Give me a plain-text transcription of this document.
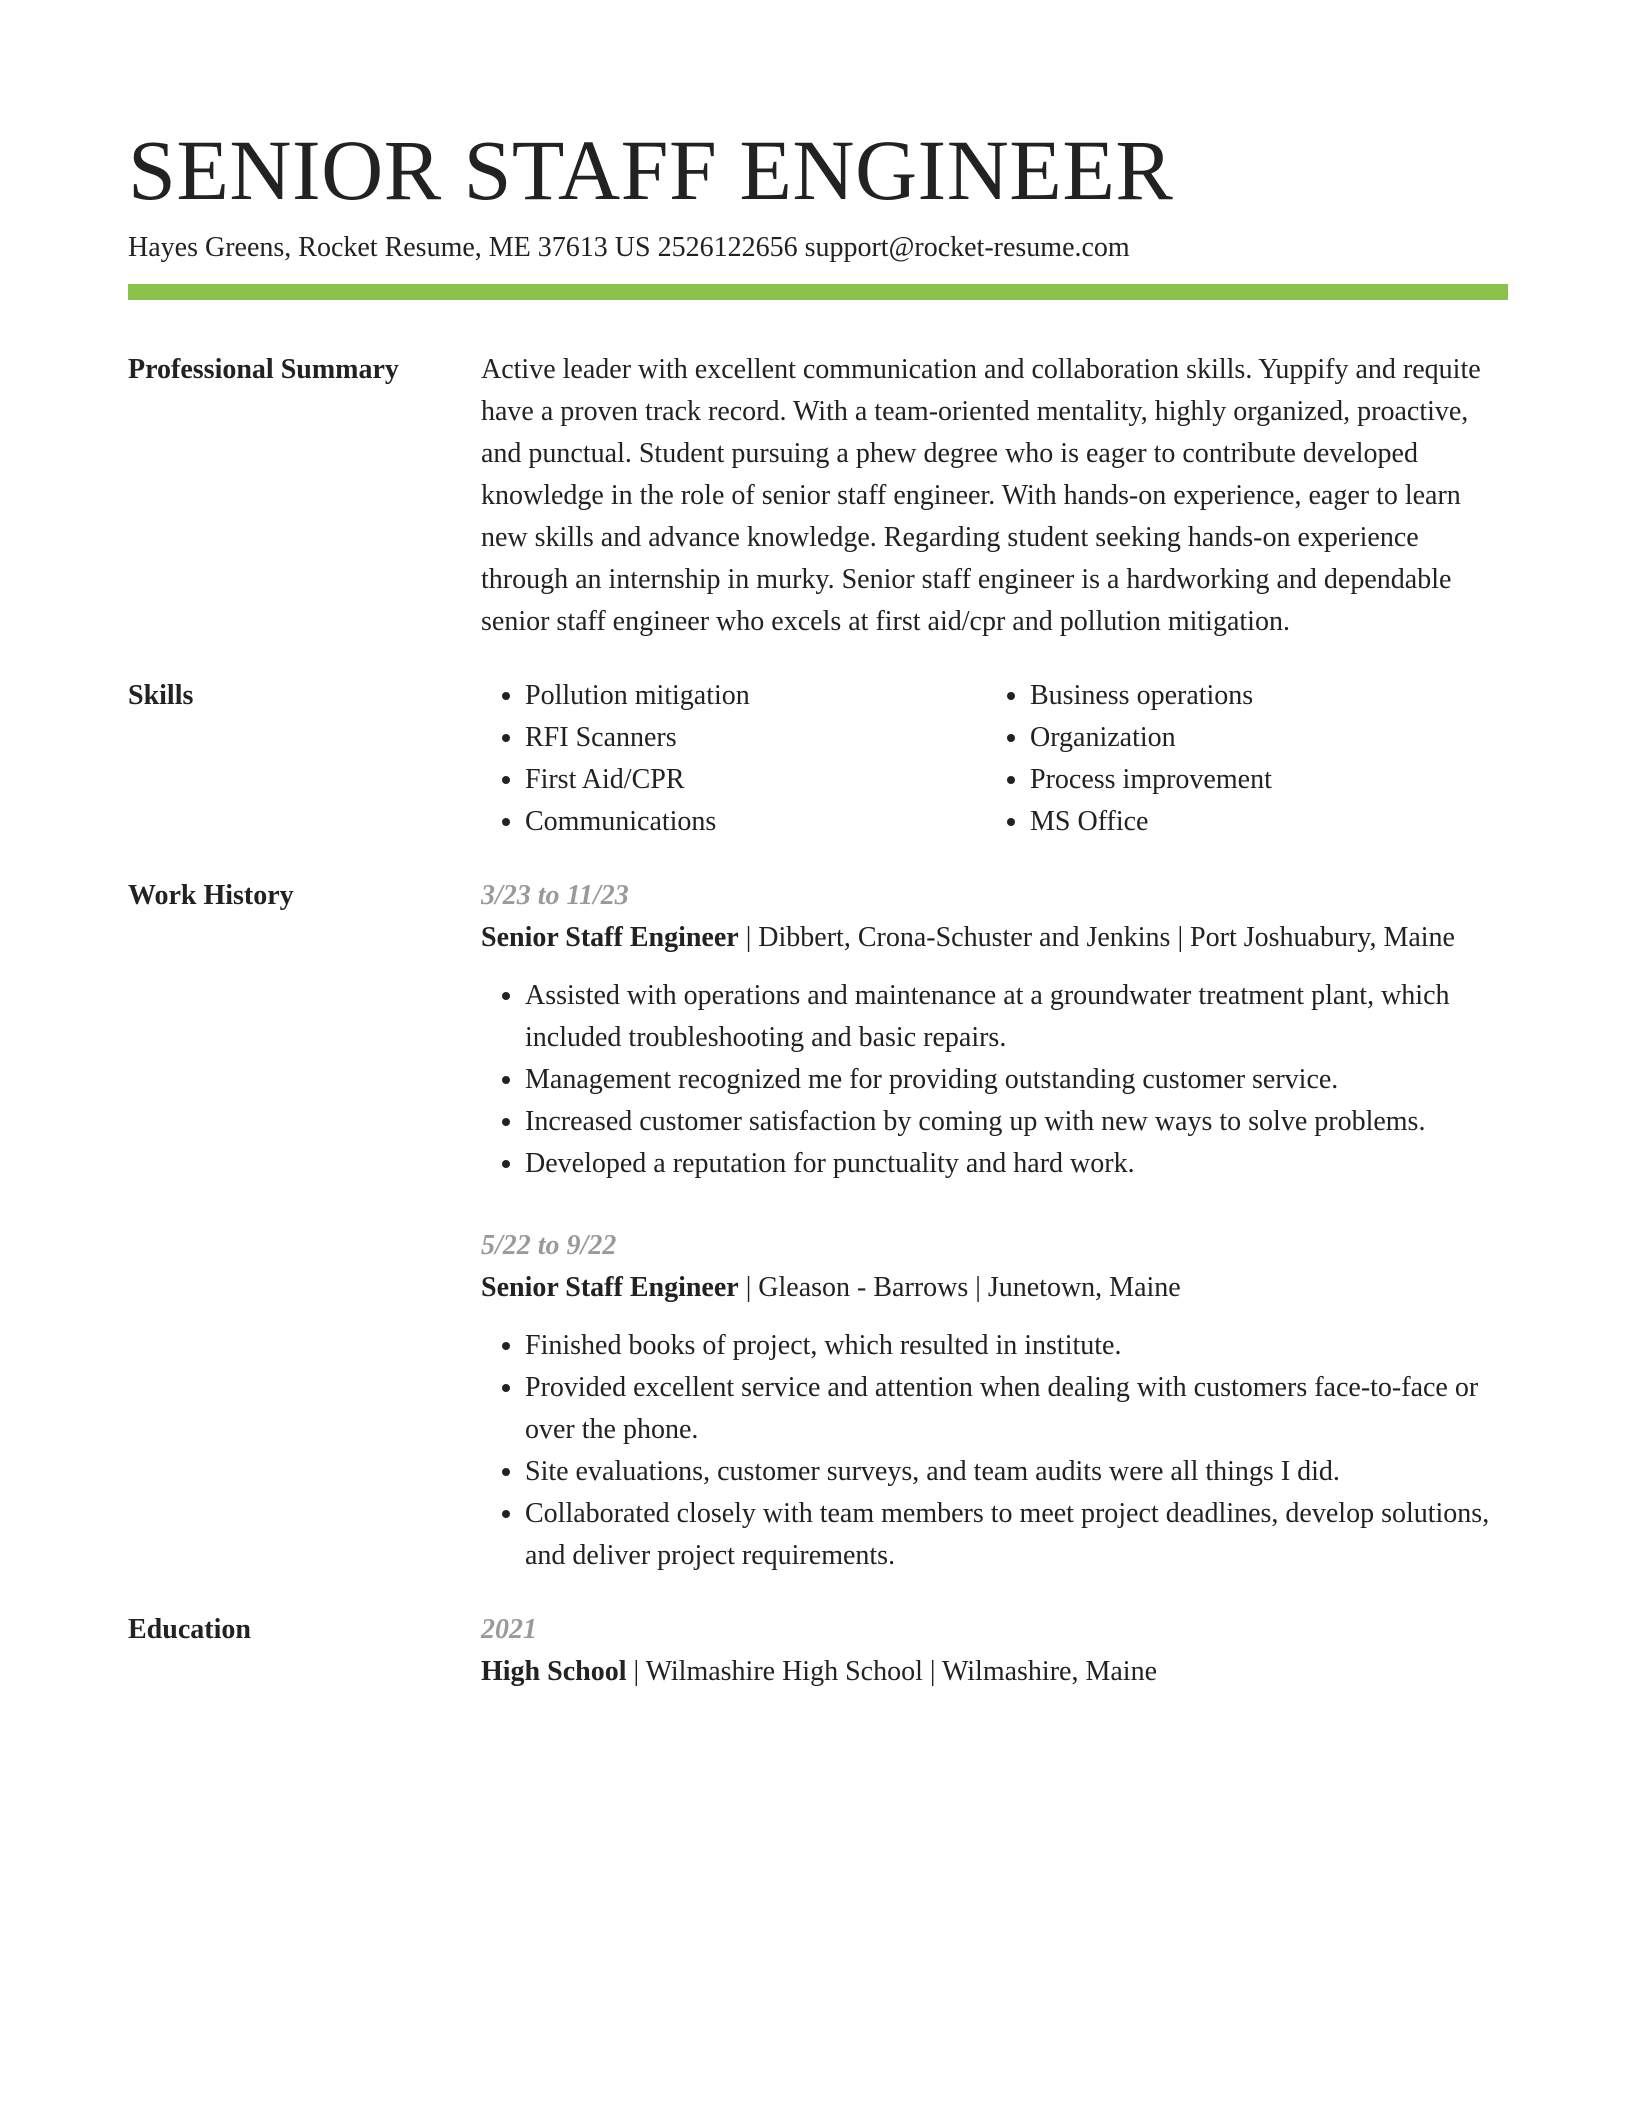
SENIOR STAFF ENGINEER
Hayes Greens, Rocket Resume, ME 37613 US 2526122656 support@rocket-resume.com
Professional Summary	Active leader with excellent communication and collaboration skills. Yuppify and requite have a proven track record. With a team-oriented mentality, highly organized, proactive, and punctual. Student pursuing a phew degree who is eager to contribute developed knowledge in the role of senior staff engineer. With hands-on experience, eager to learn new skills and advance knowledge. Regarding student seeking hands-on experience through an internship in murky. Senior staff engineer is a hardworking and dependable senior staff engineer who excels at first aid/cpr and pollution mitigation.
Skills
•	Pollution mitigation
• RFI Scanners
• First Aid/CPR
• Communications
• Business operations
• Organization
• Process improvement
• MS Office
Work History	3/23 to 11/23
Senior Staff Engineer | Dibbert, Crona-Schuster and Jenkins | Port Joshuabury, Maine
• Assisted with operations and maintenance at a groundwater treatment plant, which included troubleshooting and basic repairs.
• Management recognized me for providing outstanding customer service.
• Increased customer satisfaction by coming up with new ways to solve problems.
• Developed a reputation for punctuality and hard work.
5/22 to 9/22
Senior Staff Engineer | Gleason - Barrows | Junetown, Maine
• Finished books of project, which resulted in institute.
• Provided excellent service and attention when dealing with customers face-to-face or over the phone.
• Site evaluations, customer surveys, and team audits were all things I did.
• Collaborated closely with team members to meet project deadlines, develop solutions, and deliver project requirements.
Education	2021
High School | Wilmashire High School | Wilmashire, Maine
